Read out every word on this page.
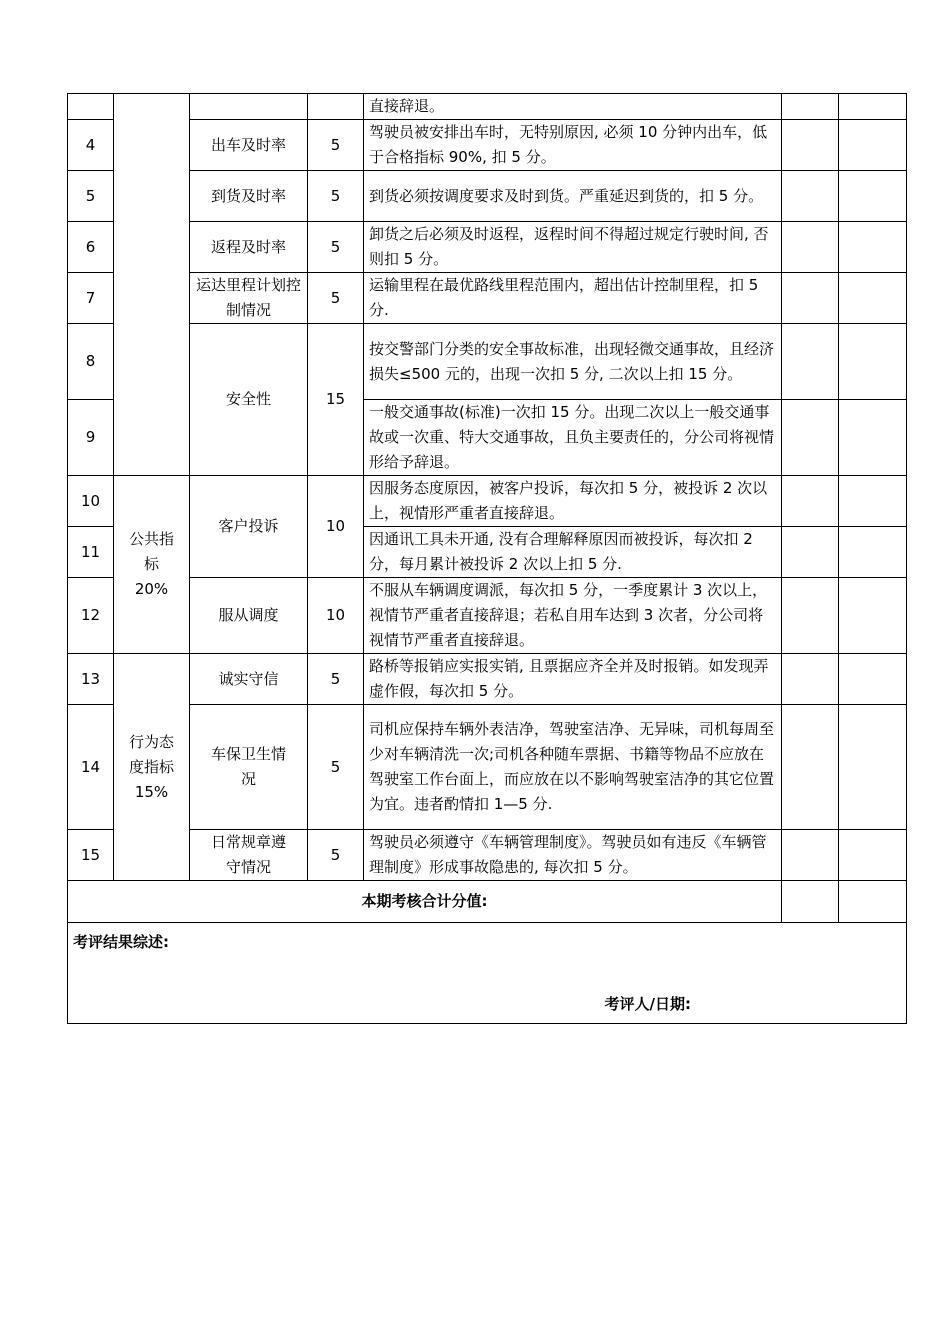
				直接辞退。		
4		出车及时率	5	驾驶员被安排出车时，无特别原因, 必须 10 分钟内出车，低于合格指标 90%, 扣 5 分。		
5		到货及时率	5	到货必须按调度要求及时到货。严重延迟到货的，扣 5 分。		
6		返程及时率	5	卸货之后必须及时返程，返程时间不得超过规定行驶时间, 否则扣 5 分。		
7		运达里程计划控制情况	5	运输里程在最优路线里程范围内，超出估计控制里程，扣 5 分.		
8		安全性	15	按交警部门分类的安全事故标准，出现轻微交通事故，且经济损失≤500 元的，出现一次扣 5 分, 二次以上扣 15 分。		
9				一般交通事故(标准)一次扣 15 分。出现二次以上一般交通事故或一次重、特大交通事故，且负主要责任的，分公司将视情形给予辞退。		
10	公共指标 20%	客户投诉	10	因服务态度原因，被客户投诉，每次扣 5 分，被投诉 2 次以上，视情形严重者直接辞退。		
11				因通讯工具未开通, 没有合理解释原因而被投诉，每次扣 2 分，每月累计被投诉 2 次以上扣 5 分.		
12		服从调度	10	不服从车辆调度调派，每次扣 5 分，一季度累计 3 次以上，视情节严重者直接辞退；若私自用车达到 3 次者，分公司将视情节严重者直接辞退。		
13	行为态度指标 15%	诚实守信	5	路桥等报销应实报实销, 且票据应齐全并及时报销。如发现弄虚作假，每次扣 5 分。		
14		车保卫生情况	5	司机应保持车辆外表洁净，驾驶室洁净、无异味，司机每周至少对车辆清洗一次;司机各种随车票据、书籍等物品不应放在驾驶室工作台面上，而应放在以不影响驾驶室洁净的其它位置为宜。违者酌情扣 1—5 分.		
15		日常规章遵守情况	5	驾驶员必须遵守《车辆管理制度》。驾驶员如有违反《车辆管理制度》形成事故隐患的, 每次扣 5 分。		
本期考核合计分值:						

考评结果综述:
考评人/日期:						
